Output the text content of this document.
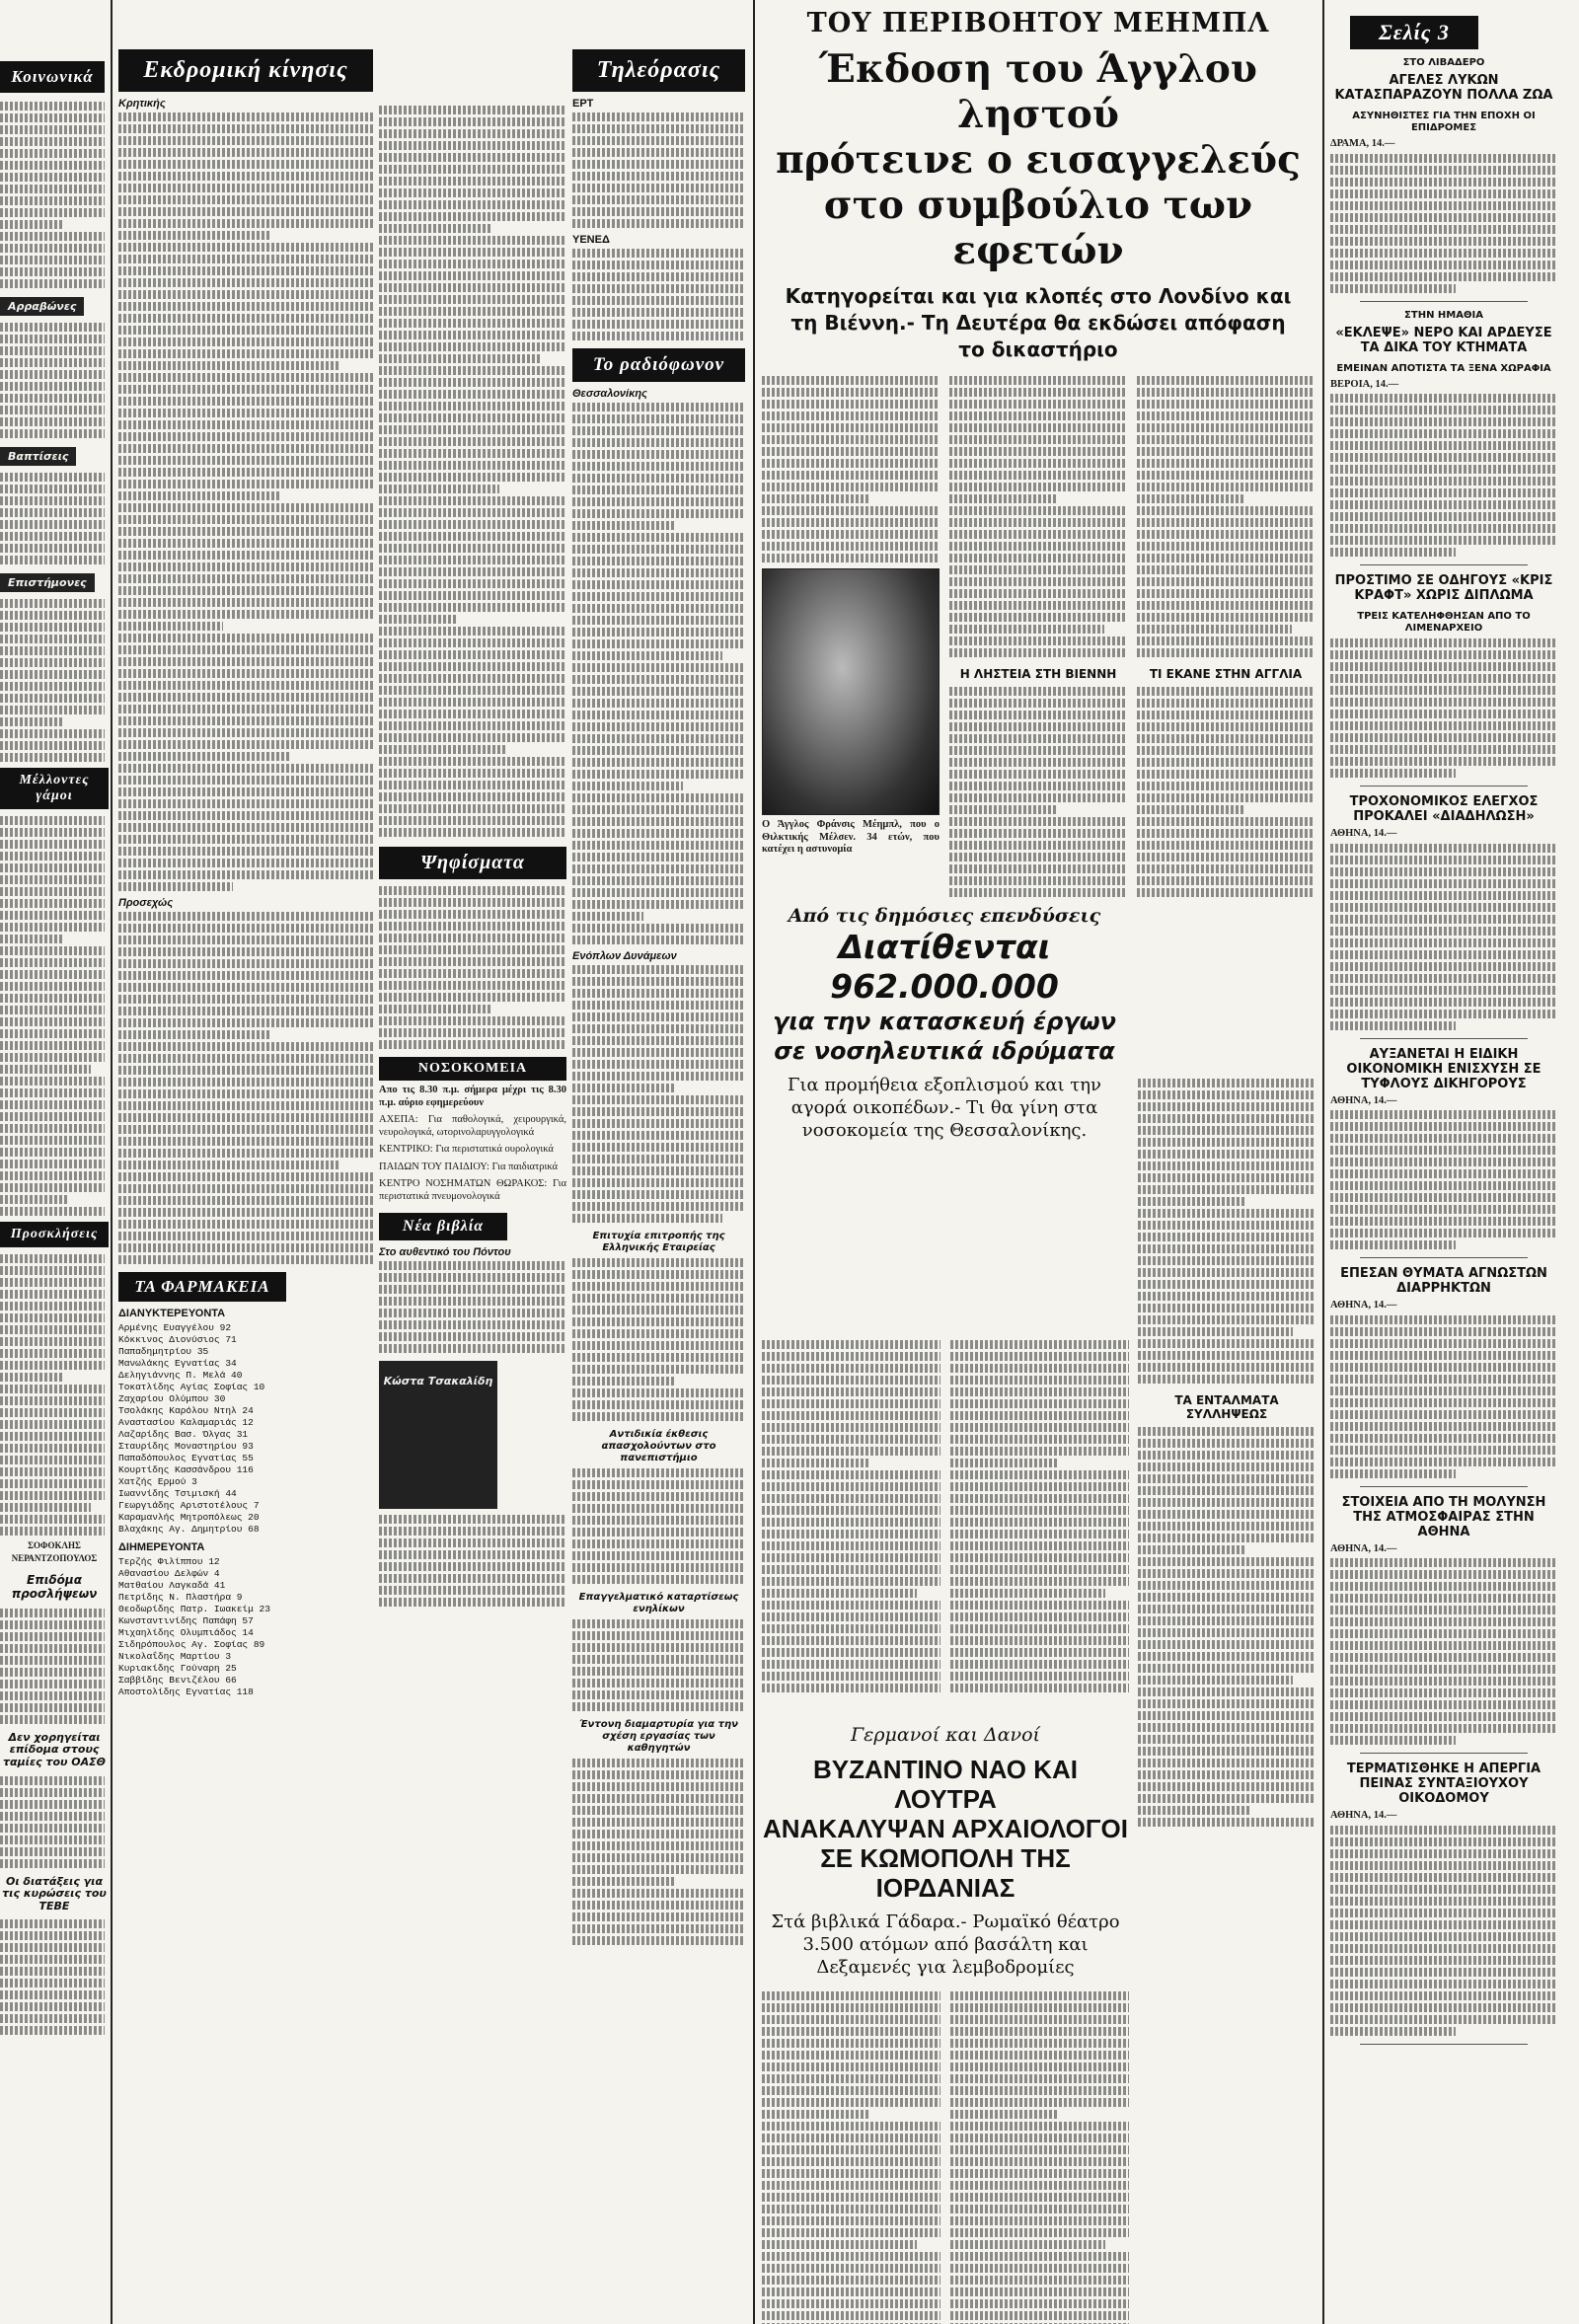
Κοινωνικά
Αρραβώνες
Βαπτίσεις
Επιστήμονες
Μέλλοντες γάμοι
Προσκλήσεις
ΣΟΦΟΚΛΗΣ ΝΕΡΑΝΤΖΟΠΟΥΛΟΣ
Επιδόμα προσλήψεων
Δεν χορηγείται επίδομα στους ταμίες του ΟΑΣΘ
Οι διατάξεις για τις κυρώσεις του ΤΕΒΕ
Εκδρομική κίνησις
Κρητικής
Προσεχώς
ΤΑ ΦΑΡΜΑΚΕΙΑ
ΔΙΑΝΥΚΤΕΡΕΥΟΝΤΑ
Αρμένης Ευαγγέλου 92
Κόκκινος Διονύσιος 71
Παπαδημητρίου 35
Μανωλάκης Εγνατίας 34
Δεληγιάννης Π. Μελά 40
Τοκατλίδης Αγίας Σοφίας 10
Ζαχαρίου Ολύμπου 30
Τσολάκης Καρόλου Ντηλ 24
Αναστασίου Καλαμαριάς 12
Λαζαρίδης Βασ. Όλγας 31
Σταυρίδης Μοναστηρίου 93
Παπαδόπουλος Εγνατίας 55
Κουρτίδης Κασσάνδρου 116
Χατζής Ερμού 3
Ιωαννίδης Τσιμισκή 44
Γεωργιάδης Αριστοτέλους 7
Καραμανλής Μητροπόλεως 20
Βλαχάκης Αγ. Δημητρίου 68
ΔΙΗΜΕΡΕΥΟΝΤΑ
Τερζής Φιλίππου 12
Αθανασίου Δελφών 4
Ματθαίου Λαγκαδά 41
Πετρίδης Ν. Πλαστήρα 9
Θεοδωρίδης Πατρ. Ιωακείμ 23
Κωνσταντινίδης Παπάφη 57
Μιχαηλίδης Ολυμπιάδος 14
Σιδηρόπουλος Αγ. Σοφίας 89
Νικολαΐδης Μαρτίου 3
Κυριακίδης Γούναρη 25
Σαββίδης Βενιζέλου 66
Αποστολίδης Εγνατίας 118
Ψηφίσματα
ΝΟΣΟΚΟΜΕΙΑ
Απο τις 8.30 π.μ. σήμερα μέχρι τις 8.30 π.μ. αύριο εφημερεύουν
ΑΧΕΠΑ: Για παθολογικά, χειρουργικά, νευρολογικά, ωτορινολαρυγγολογικά
ΚΕΝΤΡΙΚΟ: Για περιστατικά ουρολογικά
ΠΑΙΔΩΝ ΤΟΥ ΠΑΙΔΙΟΥ: Για παιδιατρικά
ΚΕΝΤΡΟ ΝΟΣΗΜΑΤΩΝ ΘΩΡΑΚΟΣ: Για περιστατικά πνευμονολογικά
Νέα βιβλία
Στο αυθεντικό του Πόντου
Κώστα Τσακαλίδη
Τηλεόρασις
ΕΡΤ
ΥΕΝΕΔ
Το ραδιόφωνον
Θεσσαλονίκης
Ενόπλων Δυνάμεων
Επιτυχία επιτροπής της Ελληνικής Εταιρείας
Αντιδικία έκθεσις απασχολούντων στο πανεπιστήμιο
Επαγγελματικό καταρτίσεως ενηλίκων
Έντονη διαμαρτυρία για την σχέση εργασίας των καθηγητών
ΤΟΥ ΠΕΡΙΒΟΗΤΟΥ ΜΕΗΜΠΛ
Έκδοση του Άγγλου ληστού
πρότεινε ο εισαγγελεύς
στο συμβούλιο των εφετών
Κατηγορείται και για κλοπές στο Λονδίνο και τη Βιέννη.- Τη Δευτέρα θα εκδώσει απόφαση το δικαστήριο
Ο Άγγλος Φράνσις Μέημπλ, που ο Θιλκτικής Μέλσεν. 34 ετών, που κατέχει η αστυνομία
Η ΛΗΣΤΕΙΑ ΣΤΗ ΒΙΕΝΝΗ	ΤΙ ΕΚΑΝΕ ΣΤΗΝ ΑΓΓΛΙΑ
Από τις δημόσιες επενδύσεις
Διατίθενται 962.000.000
για την κατασκευή έργων σε νοσηλευτικά ιδρύματα
Για προμήθεια εξοπλισμού και την αγορά οικοπέδων.- Τι θα γίνη στα νοσοκομεία της Θεσσαλονίκης.
ΤΑ ΕΝΤΑΛΜΑΤΑ ΣΥΛΛΗΨΕΩΣ
Γερμανοί και Δανοί
ΒΥΖΑΝΤΙΝΟ ΝΑΟ ΚΑΙ ΛΟΥΤΡΑ
ΑΝΑΚΑΛΥΨΑΝ ΑΡΧΑΙΟΛΟΓΟΙ
ΣΕ ΚΩΜΟΠΟΛΗ ΤΗΣ ΙΟΡΔΑΝΙΑΣ
Στά βιβλικά Γάδαρα.- Ρωμαϊκό θέατρο 3.500 ατόμων από βασάλτη και Δεξαμενές για λεμβοδρομίες
Σελίς 3
ΣΤΟ ΛΙΒΑΔΕΡΟ
ΑΓΕΛΕΣ ΛΥΚΩΝ ΚΑΤΑΣΠΑΡΑΖΟΥΝ ΠΟΛΛΑ ΖΩΑ
ΑΣΥΝΗΘΙΣΤΕΣ ΓΙΑ ΤΗΝ ΕΠΟΧΗ ΟΙ ΕΠΙΔΡΟΜΕΣ
ΔΡΑΜΑ, 14.—
ΣΤΗΝ ΗΜΑΘΙΑ
«ΕΚΛΕΨΕ» ΝΕΡΟ ΚΑΙ ΑΡΔΕΥΣΕ ΤΑ ΔΙΚΑ ΤΟΥ ΚΤΗΜΑΤΑ
ΕΜΕΙΝΑΝ ΑΠΟΤΙΣΤΑ ΤΑ ΞΕΝΑ ΧΩΡΑΦΙΑ
ΒΕΡΟΙΑ, 14.—
ΠΡΟΣΤΙΜΟ ΣΕ ΟΔΗΓΟΥΣ «ΚΡΙΣ ΚΡΑΦΤ» ΧΩΡΙΣ ΔΙΠΛΩΜΑ
ΤΡΕΙΣ ΚΑΤΕΛΗΦΘΗΣΑΝ ΑΠΟ ΤΟ ΛΙΜΕΝΑΡΧΕΙΟ
ΤΡΟΧΟΝΟΜΙΚΟΣ ΕΛΕΓΧΟΣ ΠΡΟΚΑΛΕΙ «ΔΙΑΔΗΛΩΣΗ»
ΑΘΗΝΑ, 14.—
ΑΥΞΑΝΕΤΑΙ Η ΕΙΔΙΚΗ ΟΙΚΟΝΟΜΙΚΗ ΕΝΙΣΧΥΣΗ ΣΕ ΤΥΦΛΟΥΣ ΔΙΚΗΓΟΡΟΥΣ
ΑΘΗΝΑ, 14.—
ΕΠΕΣΑΝ ΘΥΜΑΤΑ ΑΓΝΩΣΤΩΝ ΔΙΑΡΡΗΚΤΩΝ
ΑΘΗΝΑ, 14.—
ΣΤΟΙΧΕΙΑ ΑΠΟ ΤΗ ΜΟΛΥΝΣΗ ΤΗΣ ΑΤΜΟΣΦΑΙΡΑΣ ΣΤΗΝ ΑΘΗΝΑ
ΑΘΗΝΑ, 14.—
ΤΕΡΜΑΤΙΣΘΗΚΕ Η ΑΠΕΡΓΙΑ ΠΕΙΝΑΣ ΣΥΝΤΑΞΙΟΥΧΟΥ ΟΙΚΟΔΟΜΟΥ
ΑΘΗΝΑ, 14.—
